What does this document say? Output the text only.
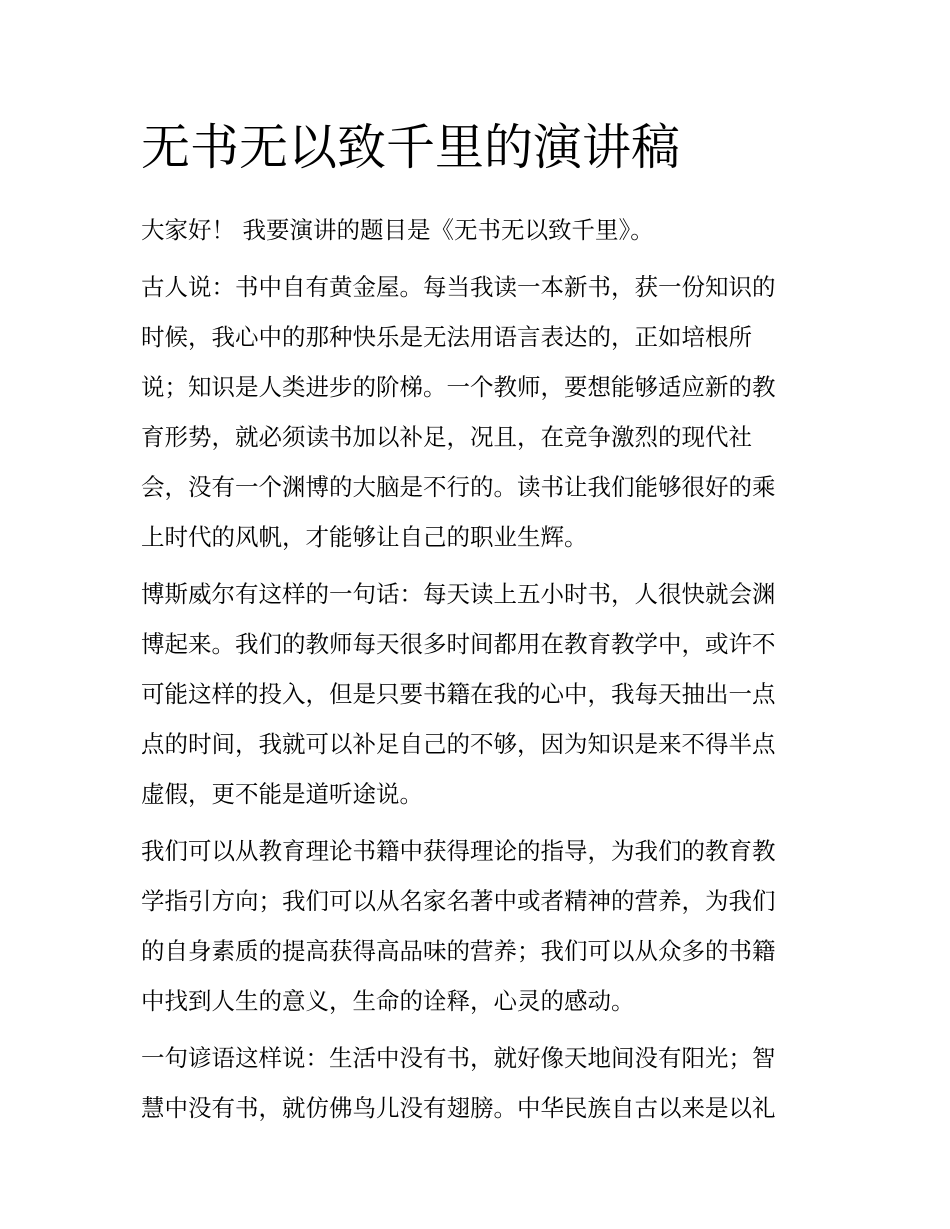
无书无以致千里的演讲稿

大家好！ 我要演讲的题目是《无书无以致千里》。

古人说：书中自有黄金屋。每当我读一本新书，获一份知识的
时候，我心中的那种快乐是无法用语言表达的，正如培根所
说；知识是人类进步的阶梯。一个教师，要想能够适应新的教
育形势，就必须读书加以补足，况且，在竞争激烈的现代社
会，没有一个渊博的大脑是不行的。读书让我们能够很好的乘
上时代的风帆，才能够让自己的职业生辉。

博斯威尔有这样的一句话：每天读上五小时书，人很快就会渊
博起来。我们的教师每天很多时间都用在教育教学中，或许不
可能这样的投入，但是只要书籍在我的心中，我每天抽出一点
点的时间，我就可以补足自己的不够，因为知识是来不得半点
虚假，更不能是道听途说。

我们可以从教育理论书籍中获得理论的指导，为我们的教育教
学指引方向；我们可以从名家名著中或者精神的营养，为我们
的自身素质的提高获得高品味的营养；我们可以从众多的书籍
中找到人生的意义，生命的诠释，心灵的感动。

一句谚语这样说：生活中没有书，就好像天地间没有阳光；智
慧中没有书，就仿佛鸟儿没有翅膀。中华民族自古以来是以礼
